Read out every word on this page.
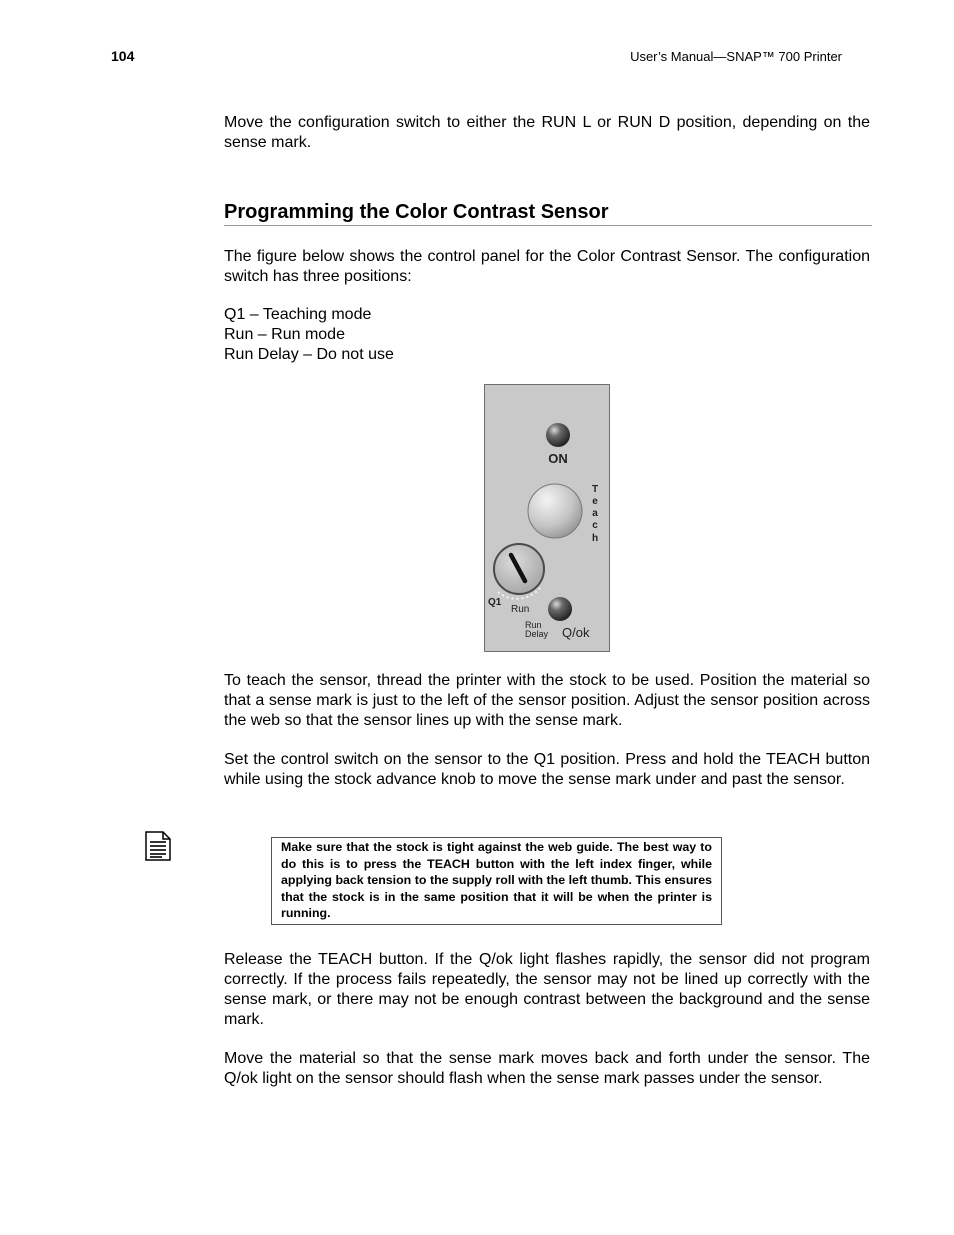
104	User’s Manual—SNAP™ 700 Printer

Move the configuration switch to either the RUN L or RUN D position, depending on the sense mark.

Programming the Color Contrast Sensor

The figure below shows the control panel for the Color Contrast Sensor. The configuration switch has three positions:

Q1 – Teaching mode
Run – Run mode
Run Delay – Do not use
ON
T
e
a
c
h
Q1
Run
Run
Delay Q/ok

To teach the sensor, thread the printer with the stock to be used. Position the material so that a sense mark is just to the left of the sensor position. Adjust the sensor position across the web so that the sensor lines up with the sense mark.

Set the control switch on the sensor to the Q1 position. Press and hold the TEACH button while using the stock advance knob to move the sense mark under and past the sensor.

Make sure that the stock is tight against the web guide. The best way to do this is to press the TEACH button with the left index finger, while applying back tension to the supply roll with the left thumb. This ensures that the stock is in the same position that it will be when the printer is running.

Release the TEACH button. If the Q/ok light flashes rapidly, the sensor did not program correctly. If the process fails repeatedly, the sensor may not be lined up correctly with the sense mark, or there may not be enough contrast between the background and the sense mark.

Move the material so that the sense mark moves back and forth under the sensor. The Q/ok light on the sensor should flash when the sense mark passes under the sensor.
